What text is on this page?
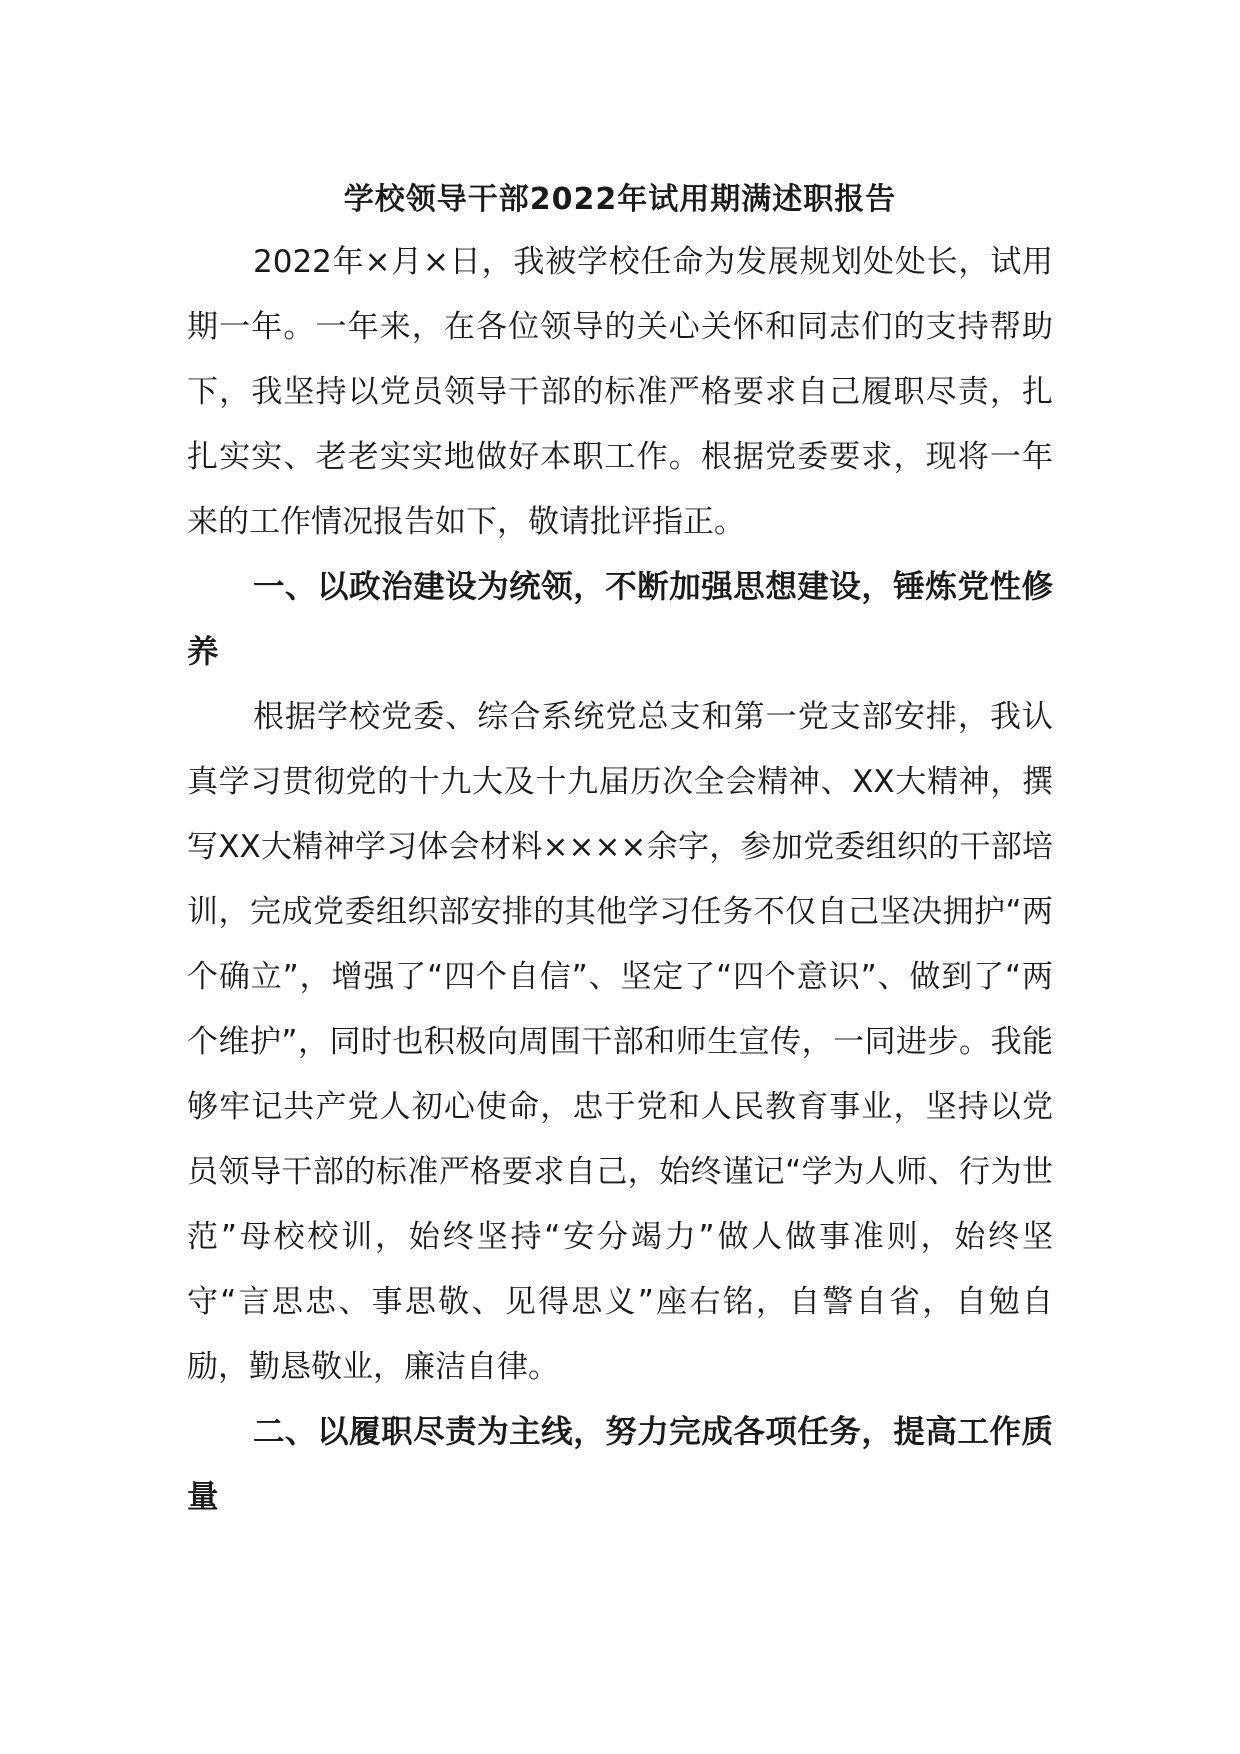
学校领导干部2022年试用期满述职报告

2022年×月×日，我被学校任命为发展规划处处长，试用期一年。一年来，在各位领导的关心关怀和同志们的支持帮助下，我坚持以党员领导干部的标准严格要求自己履职尽责，扎扎实实、老老实实地做好本职工作。根据党委要求，现将一年来的工作情况报告如下，敬请批评指正。

一、以政治建设为统领，不断加强思想建设，锤炼党性修养

根据学校党委、综合系统党总支和第一党支部安排，我认真学习贯彻党的十九大及十九届历次全会精神、XX大精神，撰写XX大精神学习体会材料××××余字，参加党委组织的干部培训，完成党委组织部安排的其他学习任务不仅自己坚决拥护“两个确立”，增强了“四个自信”、坚定了“四个意识”、做到了“两个维护”，同时也积极向周围干部和师生宣传，一同进步。我能够牢记共产党人初心使命，忠于党和人民教育事业，坚持以党员领导干部的标准严格要求自己，始终谨记“学为人师、行为世范”母校校训，始终坚持“安分竭力”做人做事准则，始终坚守“言思忠、事思敬、见得思义”座右铭，自警自省，自勉自励，勤恳敬业，廉洁自律。

二、以履职尽责为主线，努力完成各项任务，提高工作质量
